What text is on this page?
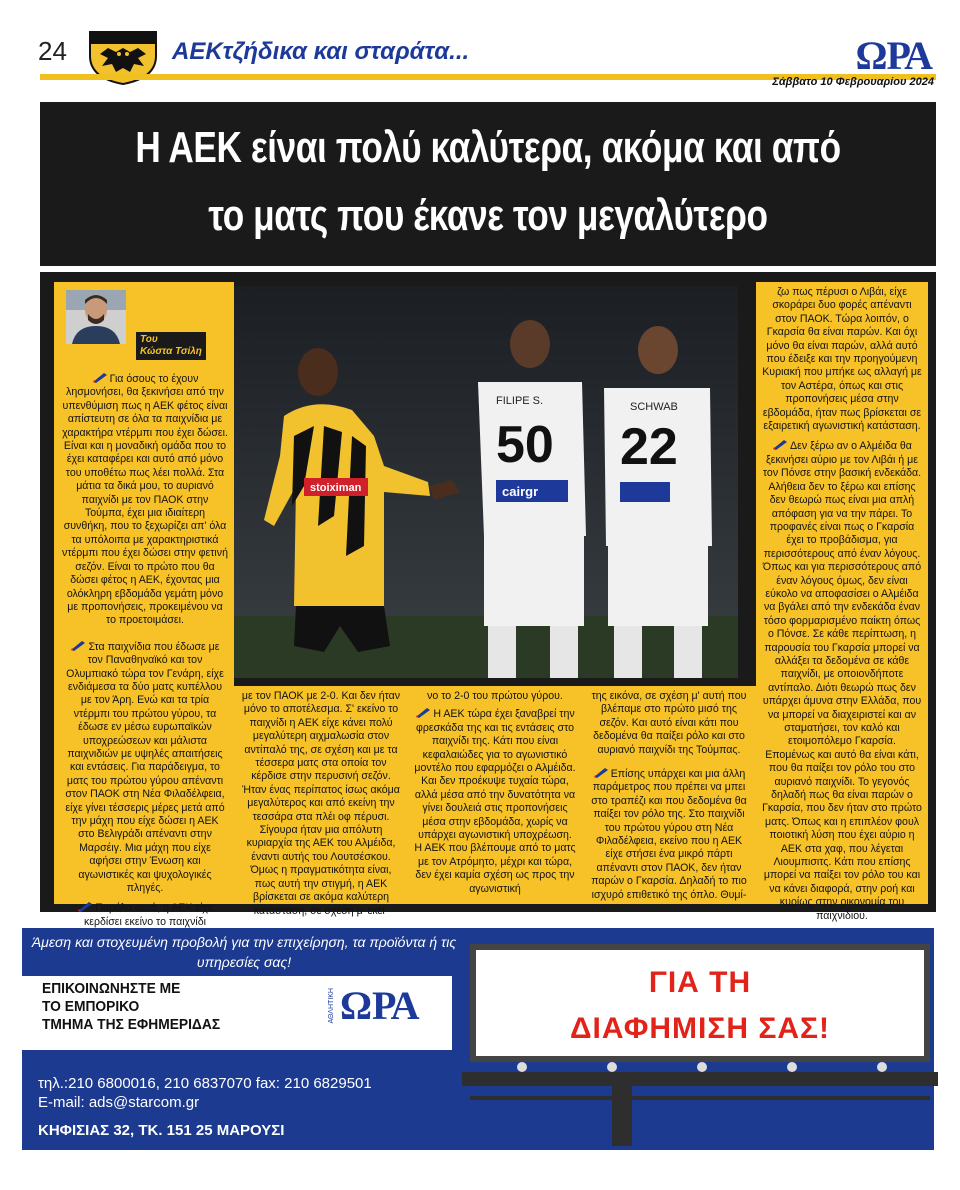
24	ΑΕΚτζήδικα και σταράτα...	ΩΡΑ
Σάββατο 10 Φεβρουαρίου 2024
Η ΑΕΚ είναι πολύ καλύτερα, ακόμα και από
το ματς που έκανε τον μεγαλύτερο
Του
Κώστα Τσίλη

Για όσους το έχουν λησμονήσει, θα ξεκινήσει από την υπενθύμιση πως η ΑΕΚ φέτος είναι απίστευτη σε όλα τα παιχνίδια με χαρακτήρα ντέρμπι που έχει δώσει. Είναι και η μοναδική ομάδα που το έχει καταφέρει και αυτό από μόνο του υποθέτω πως λέει πολλά. Στα μάτια τα δικά μου, το αυριανό παιχνίδι με τον ΠΑΟΚ στην Τούμπα, έχει μια ιδιαίτερη συνθήκη, που το ξεχωρίζει απ' όλα τα υπόλοιπα με χαρακτηριστικά ντέρμπι που έχει δώσει στην φετινή σεζόν. Είναι το πρώτο που θα δώσει φέτος η ΑΕΚ, έχοντας μια ολόκληρη εβδομάδα γεμάτη μόνο με προπονήσεις, προκειμένου να το προετοιμάσει.

Στα παιχνίδια που έδωσε με τον Παναθηναϊκό και τον Ολυμπιακό τώρα τον Γενάρη, είχε ενδιάμεσα τα δύο ματς κυπέλλου με τον Άρη. Ενώ και τα τρία ντέρμπι του πρώτου γύρου, τα έδωσε εν μέσω ευρωπαϊκών υποχρεώσεων και μάλιστα παιχνιδιών με υψηλές απαιτήσεις και εντάσεις. Για παράδειγμα, το ματς του πρώτου γύρου απέναντι στον ΠΑΟΚ στη Νέα Φιλαδέλφεια, είχε γίνει τέσσερις μέρες μετά από την μάχη που είχε δώσει η ΑΕΚ στο Βελιγράδι απέναντι στην Μαρσέιγ. Μια μάχη που είχε αφήσει στην Ένωση και αγωνιστικές και ψυχολογικές πληγές.

Παρόλα αυτά, η ΑΕΚ είχε κερδίσει εκείνο το παιχνίδι

stoiximan
FILIPE S.
50
cairgr
SCHWAB
22

με τον ΠΑΟΚ με 2-0. Και δεν ήταν μόνο το αποτέλεσμα. Σ' εκείνο το παιχνίδι η ΑΕΚ είχε κάνει πολύ μεγαλύτερη αιχμαλωσία στον αντίπαλό της, σε σχέση και με τα τέσσερα ματς στα οποία τον κέρδισε στην περυσινή σεζόν. Ήταν ένας περίπατος ίσως ακόμα μεγαλύτερος και από εκείνη την τεσσάρα στα πλέι οφ πέρυσι. Σίγουρα ήταν μια απόλυτη κυριαρχία της ΑΕΚ του Αλμέιδα, έναντι αυτής του Λουτσέσκου. Όμως η πραγματικότητα είναι, πως αυτή την στιγμή, η ΑΕΚ βρίσκεται σε ακόμα καλύτερη κατάσταση, σε σχέση μ' εκεί-

νο το 2-0 του πρώτου γύρου.

Η ΑΕΚ τώρα έχει ξαναβρεί την φρεσκάδα της και τις εντάσεις στο παιχνίδι της. Κάτι που είναι κεφαλαιώδες για το αγωνιστικό μοντέλο που εφαρμόζει ο Αλμέιδα. Και δεν προέκυψε τυχαία τώρα, αλλά μέσα από την δυνατότητα να γίνει δουλειά στις προπονήσεις μέσα στην εβδομάδα, χωρίς να υπάρχει αγωνιστική υποχρέωση. Η ΑΕΚ που βλέπουμε από το ματς με τον Ατρόμητο, μέχρι και τώρα, δεν έχει καμία σχέση ως προς την αγωνιστική

της εικόνα, σε σχέση μ' αυτή που βλέπαμε στο πρώτο μισό της σεζόν. Και αυτό είναι κάτι που δεδομένα θα παίξει ρόλο και στο αυριανό παιχνίδι της Τούμπας.

Επίσης υπάρχει και μια άλλη παράμετρος που πρέπει να μπει στο τραπέζι και που δεδομένα θα παίξει τον ρόλο της. Στο παιχνίδι του πρώτου γύρου στη Νέα Φιλαδέλφεια, εκείνο που η ΑΕΚ είχε στήσει ένα μικρό πάρτι απέναντι στον ΠΑΟΚ, δεν ήταν παρών ο Γκαρσία. Δηλαδή το πιο ισχυρό επιθετικό της όπλο. Θυμί-

ζω πως πέρυσι ο Λιβάι, είχε σκοράρει δυο φορές απέναντι στον ΠΑΟΚ. Τώρα λοιπόν, ο Γκαρσία θα είναι παρών. Και όχι μόνο θα είναι παρών, αλλά αυτό που έδειξε και την προηγούμενη Κυριακή που μπήκε ως αλλαγή με τον Αστέρα, όπως και στις προπονήσεις μέσα στην εβδομάδα, ήταν πως βρίσκεται σε εξαιρετική αγωνιστική κατάσταση.

Δεν ξέρω αν ο Αλμέιδα θα ξεκινήσει αύριο με τον Λιβάι ή με τον Πόνσε στην βασική ενδεκάδα. Αλήθεια δεν το ξέρω και επίσης δεν θεωρώ πως είναι μια απλή απόφαση για να την πάρει. Το προφανές είναι πως ο Γκαρσία έχει το προβάδισμα, για περισσότερους από έναν λόγους. Όπως και για περισσότερους από έναν λόγους όμως, δεν είναι εύκολο να αποφασίσει ο Αλμέιδα να βγάλει από την ενδεκάδα έναν τόσο φορμαρισμένο παίκτη όπως ο Πόνσε. Σε κάθε περίπτωση, η παρουσία του Γκαρσία μπορεί να αλλάξει τα δεδομένα σε κάθε παιχνίδι, με οποιονδήποτε αντίπαλο. Διότι θεωρώ πως δεν υπάρχει άμυνα στην Ελλάδα, που να μπορεί να διαχειριστεί και αν σταματήσει, τον καλό και ετοιμοπόλεμο Γκαρσία. Επομένως και αυτό θα είναι κάτι, που θα παίξει τον ρόλο του στο αυριανό παιχνίδι. Το γεγονός δηλαδή πως θα είναι παρών ο Γκαρσία, που δεν ήταν στο πρώτο ματς. Όπως και η επιπλέον φουλ ποιοτική λύση που έχει αύριο η ΑΕΚ στα χαφ, που λέγεται Λιουμπισιτς. Κάτι που επίσης μπορεί να παίξει τον ρόλο του και να κάνει διαφορά, στην ροή και κυρίως στην οικονομία του παιχνιδιού.

Άμεση και στοχευμένη προβολή για την επιχείρηση, τα προϊόντα ή τις υπηρεσίες σας!
ΕΠΙΚΟΙΝΩΝΗΣΤΕ ΜΕ
ΤΟ ΕΜΠΟΡΙΚΟ
ΤΜΗΜΑ ΤΗΣ ΕΦΗΜΕΡΙΔΑΣ
ΑΘΛΗΤΙΚΗ ΩΡΑ
τηλ.:210 6800016, 210 6837070 fax: 210 6829501
E-mail: ads@starcom.gr
ΚΗΦΙΣΙΑΣ 32, ΤΚ. 151 25 ΜΑΡΟΥΣΙ
ΓΙΑ ΤΗ
ΔΙΑΦΗΜΙΣΗ ΣΑΣ!
